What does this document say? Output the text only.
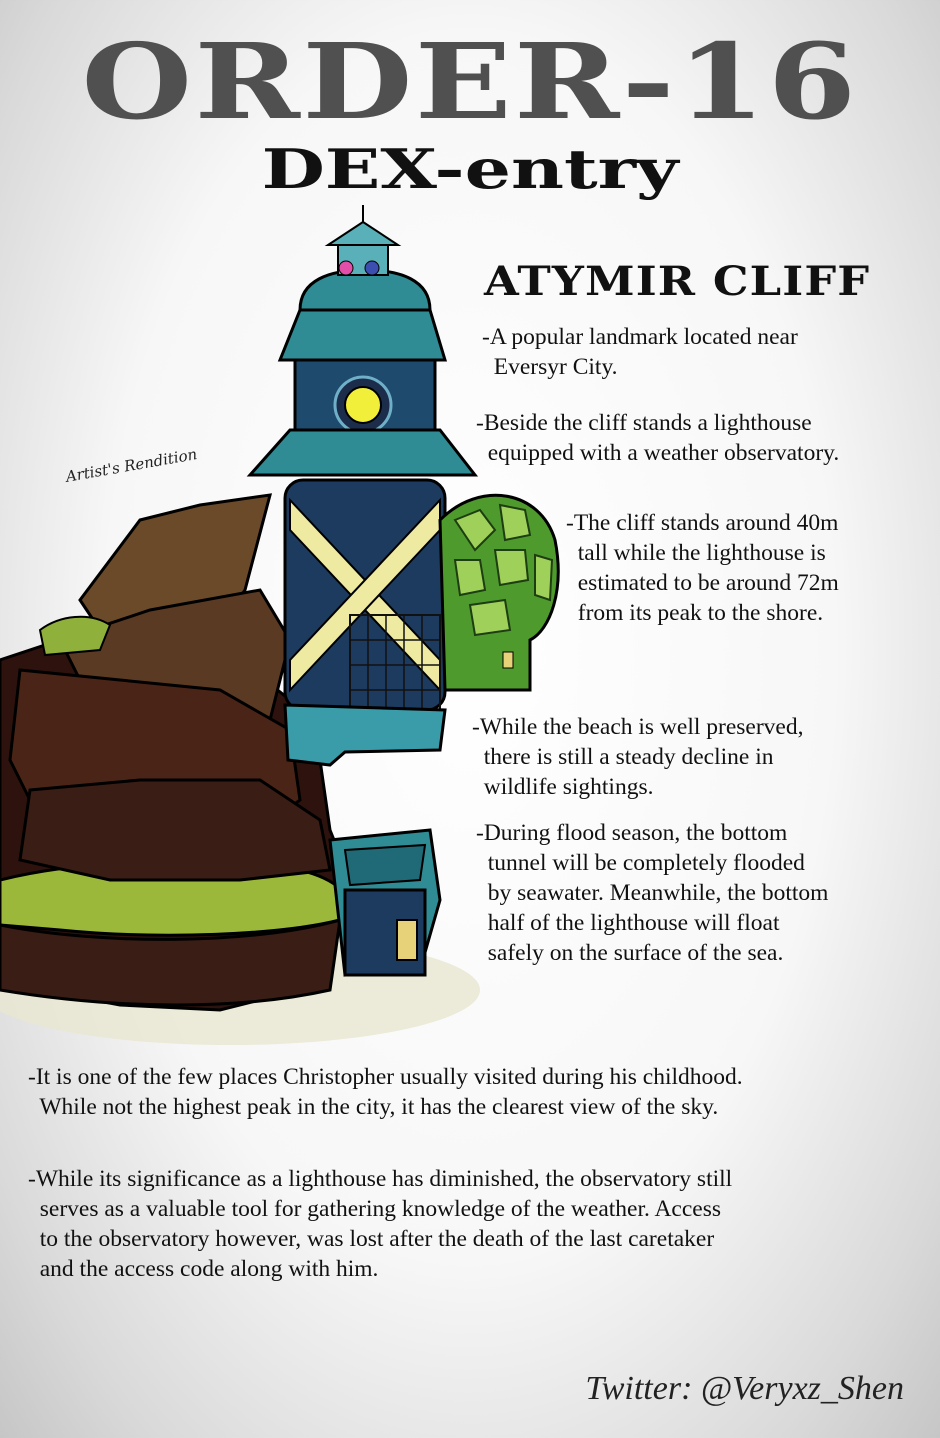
ORDER-16
DEX-entry
Artist's Rendition
ATYMIR CLIFF

-A popular landmark located near
Eversyr City.

-Beside the cliff stands a lighthouse
equipped with a weather observatory.

-The cliff stands around 40m
tall while the lighthouse is
estimated to be around 72m
from its peak to the shore.

-While the beach is well preserved,
there is still a steady decline in
wildlife sightings.

-During flood season, the bottom
tunnel will be completely flooded
by seawater. Meanwhile, the bottom
half of the lighthouse will float
safely on the surface of the sea.

-It is one of the few places Christopher usually visited during his childhood.
While not the highest peak in the city, it has the clearest view of the sky.

-While its significance as a lighthouse has diminished, the observatory still
serves as a valuable tool for gathering knowledge of the weather. Access
to the observatory however, was lost after the death of the last caretaker
and the access code along with him.

Twitter: @Veryxz_Shen
